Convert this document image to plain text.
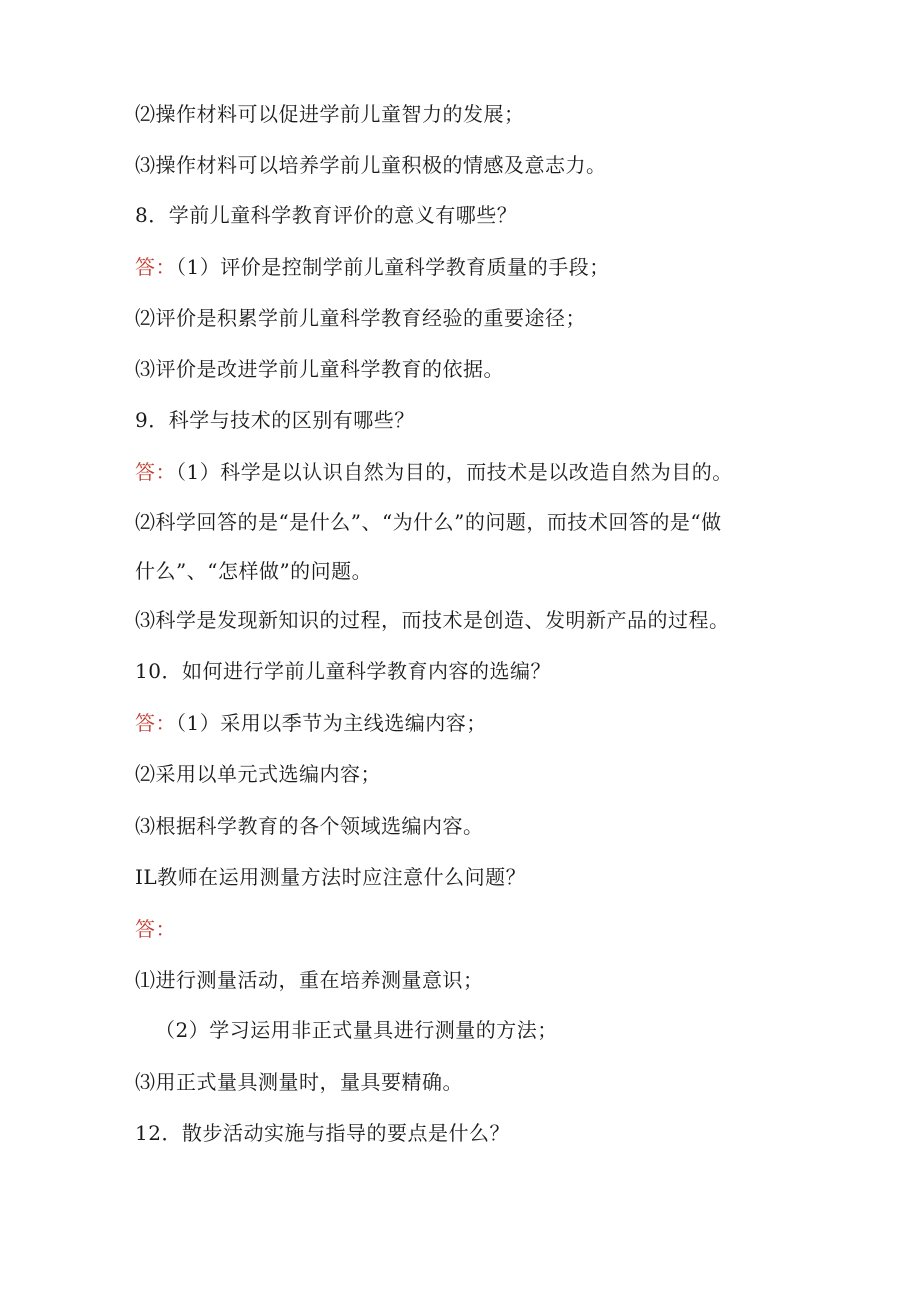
⑵操作材料可以促进学前儿童智力的发展；
⑶操作材料可以培养学前儿童积极的情感及意志力。
8．学前儿童科学教育评价的意义有哪些？
答：（1）评价是控制学前儿童科学教育质量的手段；
⑵评价是积累学前儿童科学教育经验的重要途径；
⑶评价是改进学前儿童科学教育的依据。
9．科学与技术的区别有哪些？
答：（1）科学是以认识自然为目的，而技术是以改造自然为目的。
⑵科学回答的是“是什么”、“为什么”的问题，而技术回答的是“做
什么”、“怎样做”的问题。
⑶科学是发现新知识的过程，而技术是创造、发明新产品的过程。
10．如何进行学前儿童科学教育内容的选编？
答：（1）采用以季节为主线选编内容；
⑵采用以单元式选编内容；
⑶根据科学教育的各个领域选编内容。
IL教师在运用测量方法时应注意什么问题？
答：
⑴进行测量活动，重在培养测量意识；
（2）学习运用非正式量具进行测量的方法；
⑶用正式量具测量时，量具要精确。
12．散步活动实施与指导的要点是什么？
